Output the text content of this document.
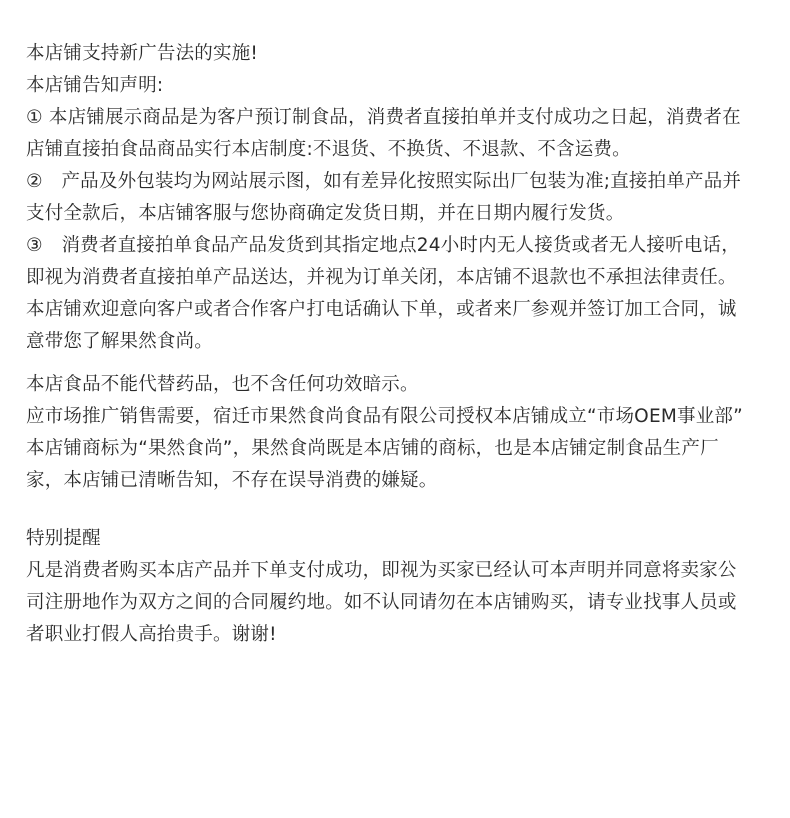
本店铺支持新广告法的实施!
本店铺告知声明:
① 本店铺展示商品是为客户预订制食品，消费者直接拍单并支付成功之日起，消费者在
店铺直接拍食品商品实行本店制度:不退货、不换货、不退款、不含运费。
②　产品及外包装均为网站展示图，如有差异化按照实际出厂包装为准;直接拍单产品并
支付全款后，本店铺客服与您协商确定发货日期，并在日期内履行发货。
③　消费者直接拍单食品产品发货到其指定地点24小时内无人接货或者无人接听电话，
即视为消费者直接拍单产品送达，并视为订单关闭，本店铺不退款也不承担法律责任。
本店铺欢迎意向客户或者合作客户打电话确认下单，或者来厂参观并签订加工合同，诚
意带您了解果然食尚。
本店食品不能代替药品，也不含任何功效暗示。
应市场推广销售需要，宿迁市果然食尚食品有限公司授权本店铺成立“市场OEM事业部”
本店铺商标为“果然食尚”，果然食尚既是本店铺的商标，也是本店铺定制食品生产厂
家，本店铺已清晰告知，不存在误导消费的嫌疑。
特别提醒
凡是消费者购买本店产品并下单支付成功，即视为买家已经认可本声明并同意将卖家公
司注册地作为双方之间的合同履约地。如不认同请勿在本店铺购买，请专业找事人员或
者职业打假人高抬贵手。谢谢!
